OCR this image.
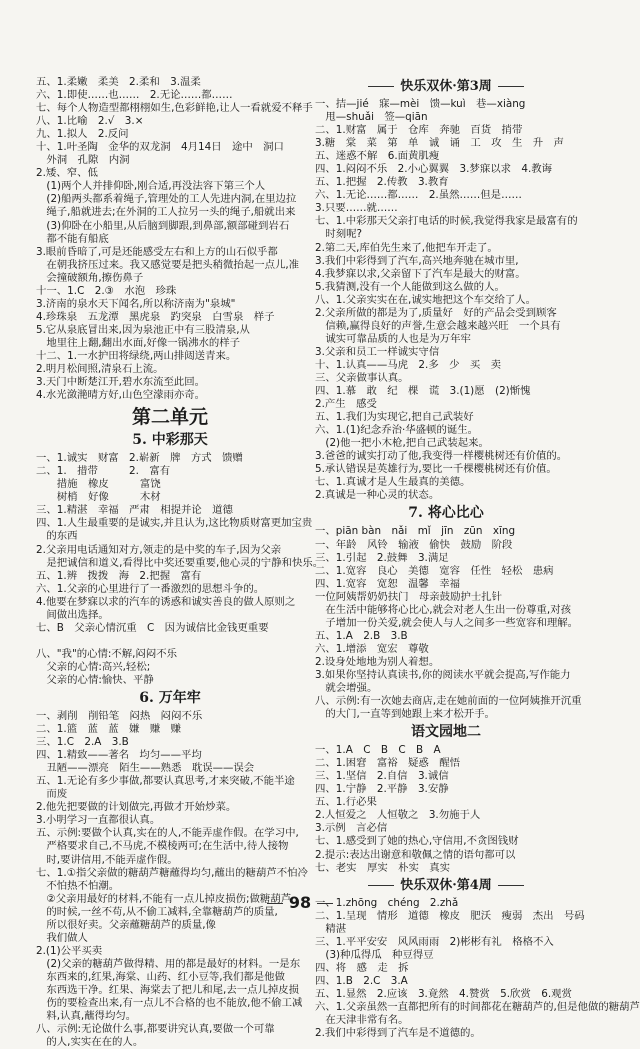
五、1.柔嫩　柔美　2.柔和　3.温柔
六、1.即使……也……　2.无论……都……
七、每个人物造型都栩栩如生,色彩鲜艳,让人一看就爱不释手
八、1.比喻　2.√　3.×
九、1.拟人　2.反问
十、1.叶圣陶　金华的双龙洞　4月14日　途中　洞口
　外洞　孔隙　内洞
2.矮、窄、低
　(1)两个人并排仰卧,刚合适,再没法容下第三个人
　(2)船两头都系着绳子,管理处的工人先进内洞,在里边拉
　绳子,船就进去;在外洞的工人拉另一头的绳子,船就出来
　(3)仰卧在小船里,从后脑到脚跟,到鼻部,额部碰到岩石
　都不能有船底
3.眼前昏暗了,可是还能感受左右和上方的山石似乎都
　在朝我挤压过来。我又感觉要是把头稍微抬起一点儿,准
　会撞破额角,擦伤鼻子
十一、1.C　2.③　水泡　珍珠
3.济南的泉水天下闻名,所以称济南为"泉城"
4.珍珠泉　五龙潭　黑虎泉　趵突泉　白雪泉　样子
5.它从泉底冒出来,因为泉池正中有三股清泉,从
　地里往上翻,翻出水面,好像一锅沸水的样子
十二、1.一水护田将绿绕,两山排闼送青来。
2.明月松间照,清泉石上流。
3.天门中断楚江开,碧水东流至此回。
4.水光潋滟晴方好,山色空濛雨亦奇。
第二单元
5. 中彩那天
一、1.诚实　财富　2.崭新　牌　方式　馈赠
二、1.　措带　　　2.　富有
　　措施　橡皮　　　富饶
　　树梢　好像　　　木材
三、1.精湛　幸福　严肃　相提并论　道德
四、1.人生最重要的是诚实,并且认为,这比物质财富更加宝贵
　的东西
2.父亲用电话通知对方,领走的是中奖的车子,因为父亲
　是把诚信和道义,看得比中奖还要重要,他心灵的宁静和快乐。
五、1.辨　拨拨　海　2.把握　富有
六、1.父亲的心里进行了一番激烈的思想斗争的。
4.他要在梦寐以求的汽车的诱惑和诚实善良的做人原则之
　间做出选择。
七、B　父亲心情沉重　C　因为诚信比金钱更重要

八、"我"的心情:不解,闷闷不乐
　父亲的心情:高兴,轻松;
　父亲的心情:愉快、平静
6. 万年牢
一、剥削　削铅笔　闷热　闷闷不乐
二、1.篮　蓝　蓝　嫌　赚　赚
三、1.C　2.A　3.B
四、1.精致——著名　均匀——平均
　丑陋——漂亮　陌生——熟悉　耽误——误会
五、1.无论有多少事做,都要认真思考,才来突破,不能半途
　而废
2.他先把要做的计划做完,再做才开始炒菜。
3.小明学习一直都很认真。
五、示例:要做个认真,实在的人,不能弄虚作假。在学习中,
　严格要求自己,不马虎,不模棱两可;在生活中,待人接物
　时,要讲信用,不能弄虚作假。
七、1.①指父亲做的糖葫芦糖蘸得均匀,蘸出的糖葫芦不怕冷
　不怕热不怕潮。
　②父亲用最好的材料,不能有一点儿掉皮损伤;做糖葫芦
　的时候,一丝不苟,从不偷工减料,全靠糖葫芦的质量,
　所以很好卖。父亲蘸糖葫芦的质量,像
　我们做人
2.(1)公平买卖
　(2)父亲的糖葫芦做得精、用的都是最好的材料。一是东
　东西来的,红果,海棠、山药、红小豆等,我们都是他做
　东西选干净。红果、海棠去了把儿和尾,去一点儿掉皮损
　伤的要检查出来,有一点儿不合格的也不能放,他不偷工减
　料,认真,蘸得均匀。
八、示例:无论做什么事,都要讲究认真,要做一个可靠
　的人,实实在在的人。
快乐双休·第3周
一、拮—jié　寐—mèi　馈—kuì　巷—xiàng
　甩—shuǎi　签—qiān
二、1.财富　属于　仓库　奔驰　百货　捎带
3.糖　棠　菜　第　单　诚　诵　工　攻　生　升　声
五、迷惑不解　6.面黄肌瘦
四、1.闷闷不乐　2.小心翼翼　3.梦寐以求　4.教诲
五、1.把握　2.传教　3.教育
六、1.无论……都……　2.虽然……但是……
3.只要……就……
七、1.中彩那天父亲打电话的时候,我觉得我家是最富有的
　时刻呢?
2.第二天,库伯先生来了,他把车开走了。
3.我们中彩得到了汽车,高兴地奔驰在城市里,
4.我梦寐以求,父亲留下了汽车是最大的财富。
5.我猜测,没有一个人能做到这么做的人。
八、1.父亲实实在在,诚实地把这个车交给了人。
2.父亲所做的都是为了,质量好　好的产品会受到顾客
　信赖,赢得良好的声誉,生意会越来越兴旺　一个具有
　诚实可靠品质的人也是为万年牢
3.父亲和员工一样诚实守信
十、1.认真——马虎　2.多　少　买　卖
三、父亲做事认真。
四、1.慕　敢　纪　棵　谎　3.(1)愿　(2)惭愧
2.产生　感受
五、1.我们为实现它,把自己武装好
六、1.(1)纪念乔治·华盛顿的诞生。
　(2)他一把小木枪,把自己武装起来。
3.爸爸的诚实打动了他,我变得一样樱桃树还有价值的。
5.承认错误是英雄行为,要比一千棵樱桃树还有价值。
七、1.真诚才是人生最真的美德。
2.真诚是一种心灵的状态。
7. 将心比心
一、piān bàn　nǎi　mǐ　jīn　zūn　xīng
一、年龄　风铃　输液　偷快　鼓励　阶段
三、1.引起　2.鼓舞　3.满足
二、1.宽容　良心　美德　宽容　任性　轻松　患病
四、1.宽容　宽恕　温馨　幸福
一位阿姨帮奶奶扶门　母亲鼓励护士扎针
　在生活中能够将心比心,就会对老人生出一份尊重,对孩
　子增加一份关爱,就会使人与人之间多一些宽容和理解。
五、1.A　2.B　3.B
六、1.增添　宽宏　尊敬
2.设身处地地为别人着想。
3.如果你坚持认真读书,你的阅读水平就会提高,写作能力
　就会增强。
八、示例:有一次她去商店,走在她前面的一位阿姨推开沉重
　的大门,一直等到她跟上来才松开手。
语文园地二
一、1.A　C　B　C　B　A
二、1.困窘　富裕　疑惑　醒悟
三、1.坚信　2.自信　3.诚信
四、1.宁静　2.平静　3.安静
五、1.行必果
2.人恒爱之　人恒敬之　3.勿施于人
3.示例　言必信
七、1.感受到了她的热心,守信用,不贪图钱财
2.提示:表达出谢意和敬佩之情的语句都可以
七、老实　厚实　朴实　真实
快乐双休·第4周
一、1.zhōng　chéng　2.zhǎ
二、1.呈现　情形　道德　橡皮　肥沃　瘦弱　杰出　号码
　精湛
三、1.平平安安　风风雨雨　2)彬彬有礼　格格不入
　(3)种瓜得瓜　种豆得豆
四、将　感　走　拆
四、1.B　2.C　3.A
五、1.显然　2.应该　3.竟然　4.赞赏　5.欣赏　6.观赏
六、1.父亲虽然一直都把所有的时间都花在糖葫芦的,但是他做的糖葫芦
　在天津非常有名。
2.我们中彩得到了汽车是不道德的。
98
